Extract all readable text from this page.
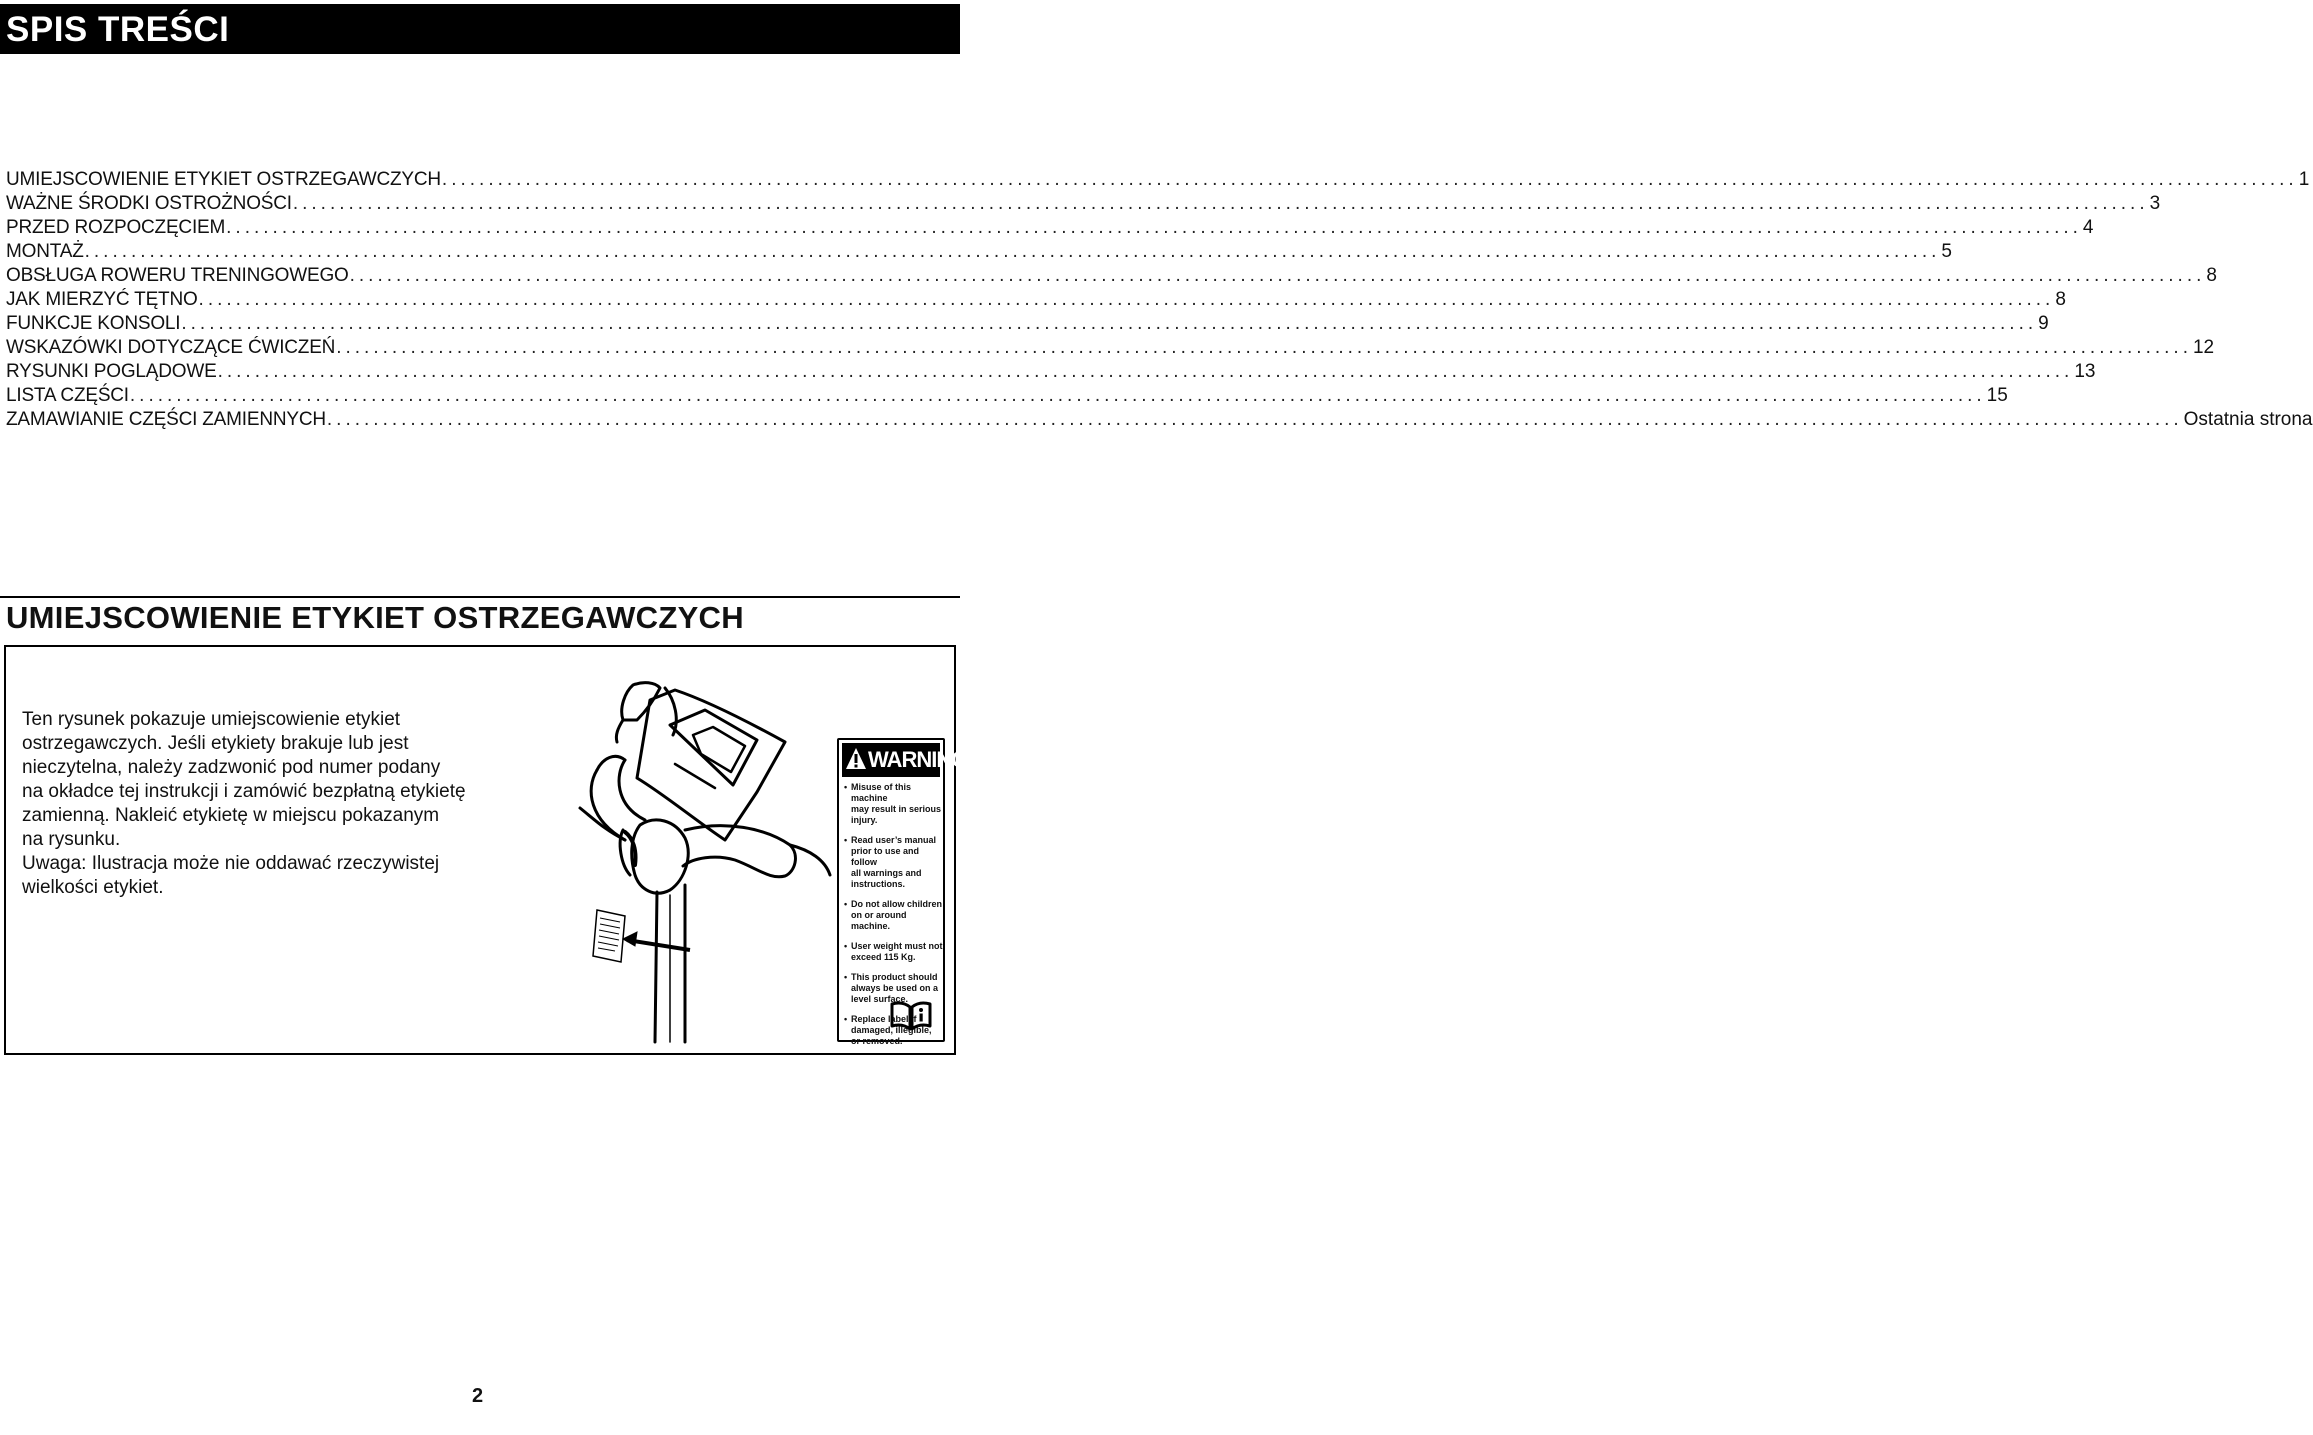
SPIS TREŚCI
UMIEJSCOWIENIE ETYKIET OSTRZEGAWCZYCH ........................................................................................................................................................................................................ 1
WAŻNE ŚRODKI OSTROŻNOŚCI ........................................................................................................................................................................................................ 3
PRZED ROZPOCZĘCIEM ........................................................................................................................................................................................................ 4
MONTAŻ ........................................................................................................................................................................................................ 5
OBSŁUGA ROWERU TRENINGOWEGO ........................................................................................................................................................................................................ 8
JAK MIERZYĆ TĘTNO ........................................................................................................................................................................................................ 8
FUNKCJE KONSOLI ........................................................................................................................................................................................................ 9
WSKAZÓWKI DOTYCZĄCE ĆWICZEŃ ........................................................................................................................................................................................................ 12
RYSUNKI POGLĄDOWE ........................................................................................................................................................................................................ 13
LISTA CZĘŚCI ........................................................................................................................................................................................................ 15
ZAMAWIANIE CZĘŚCI ZAMIENNYCH ........................................................................................................................................................................................................ Ostatnia strona
UMIEJSCOWIENIE ETYKIET OSTRZEGAWCZYCH
Ten rysunek pokazuje umiejscowienie etykiet
ostrzegawczych. Jeśli etykiety brakuje lub jest
nieczytelna, należy zadzwonić pod numer podany
na okładce tej instrukcji i zamówić bezpłatną etykietę
zamienną. Nakleić etykietę w miejscu pokazanym
na rysunku.
Uwaga: Ilustracja może nie oddawać rzeczywistej
wielkości etykiet.
WARNING
• Misuse of this machine
may result in serious
injury.
• Read user’s manual
prior to use and follow
all warnings and
instructions.
• Do not allow children
on or around machine.
• User weight must not
exceed 115 Kg.
• This product should
always be used on a
level surface.
• Replace label if
damaged, illegible,
or removed.
2
